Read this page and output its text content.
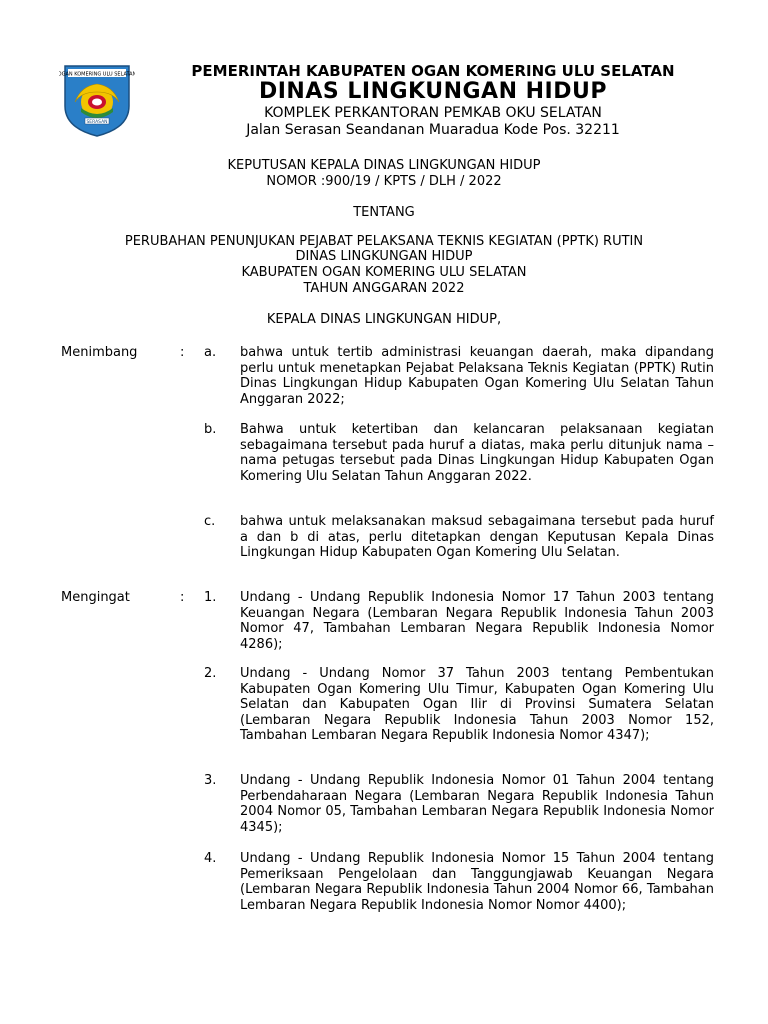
OGAN KOMERING ULU SELATAN
SERASAN
PEMERINTAH KABUPATEN OGAN KOMERING ULU SELATAN
DINAS LINGKUNGAN HIDUP
KOMPLEK PERKANTORAN PEMKAB OKU SELATAN
Jalan Serasan Seandanan Muaradua Kode Pos. 32211
KEPUTUSAN KEPALA DINAS LINGKUNGAN HIDUP
NOMOR :900/19 / KPTS / DLH / 2022
TENTANG
PERUBAHAN PENUNJUKAN PEJABAT PELAKSANA TEKNIS KEGIATAN (PPTK) RUTIN
DINAS LINGKUNGAN HIDUP
KABUPATEN OGAN KOMERING ULU SELATAN
TAHUN ANGGARAN 2022
KEPALA DINAS LINGKUNGAN HIDUP,
Menimbang	: a. bahwa untuk tertib administrasi keuangan daerah, maka dipandang perlu untuk menetapkan Pejabat Pelaksana Teknis Kegiatan (PPTK) Rutin Dinas Lingkungan Hidup Kabupaten Ogan Komering Ulu Selatan Tahun Anggaran 2022;
b. Bahwa untuk ketertiban dan kelancaran pelaksanaan kegiatan sebagaimana tersebut pada huruf a diatas, maka perlu ditunjuk nama – nama petugas tersebut pada Dinas Lingkungan Hidup Kabupaten Ogan Komering Ulu Selatan Tahun Anggaran 2022.
c. bahwa untuk melaksanakan maksud sebagaimana tersebut pada huruf a dan b di atas, perlu ditetapkan dengan Keputusan Kepala Dinas Lingkungan Hidup Kabupaten Ogan Komering Ulu Selatan.
Mengingat	: 1. Undang - Undang Republik Indonesia Nomor 17 Tahun 2003 tentang Keuangan Negara (Lembaran Negara Republik Indonesia Tahun 2003 Nomor 47, Tambahan Lembaran Negara Republik Indonesia Nomor 4286);
2. Undang - Undang Nomor 37 Tahun 2003 tentang Pembentukan Kabupaten Ogan Komering Ulu Timur, Kabupaten Ogan Komering Ulu Selatan dan Kabupaten Ogan Ilir di Provinsi Sumatera Selatan (Lembaran Negara Republik Indonesia Tahun 2003 Nomor 152, Tambahan Lembaran Negara Republik Indonesia Nomor 4347);
3. Undang - Undang Republik Indonesia Nomor 01 Tahun 2004 tentang Perbendaharaan Negara (Lembaran Negara Republik Indonesia Tahun 2004 Nomor 05, Tambahan Lembaran Negara Republik Indonesia Nomor 4345);
4. Undang - Undang Republik Indonesia Nomor 15 Tahun 2004 tentang Pemeriksaan Pengelolaan dan Tanggungjawab Keuangan Negara (Lembaran Negara Republik Indonesia Tahun 2004 Nomor 66, Tambahan Lembaran Negara Republik Indonesia Nomor Nomor 4400);
